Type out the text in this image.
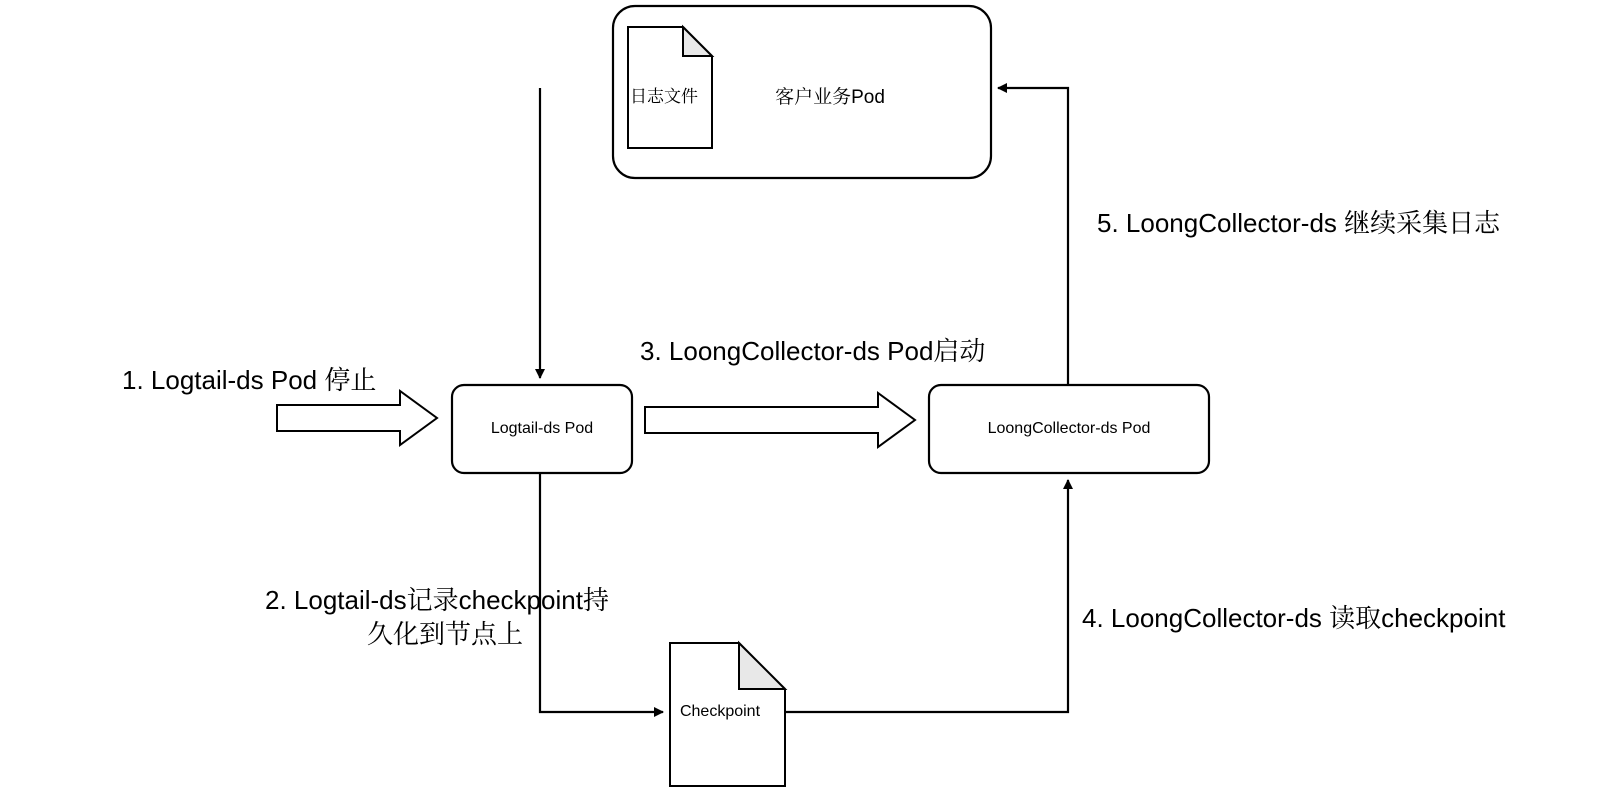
日志文件	客户业务Pod
Logtail-ds Pod	LoongCollector-ds Pod
Checkpoint
1. Logtail-ds Pod 停止
2. Logtail-ds记录checkpoint持
久化到节点上
3. LoongCollector-ds Pod启动
4. LoongCollector-ds 读取checkpoint
5. LoongCollector-ds 继续采集日志
